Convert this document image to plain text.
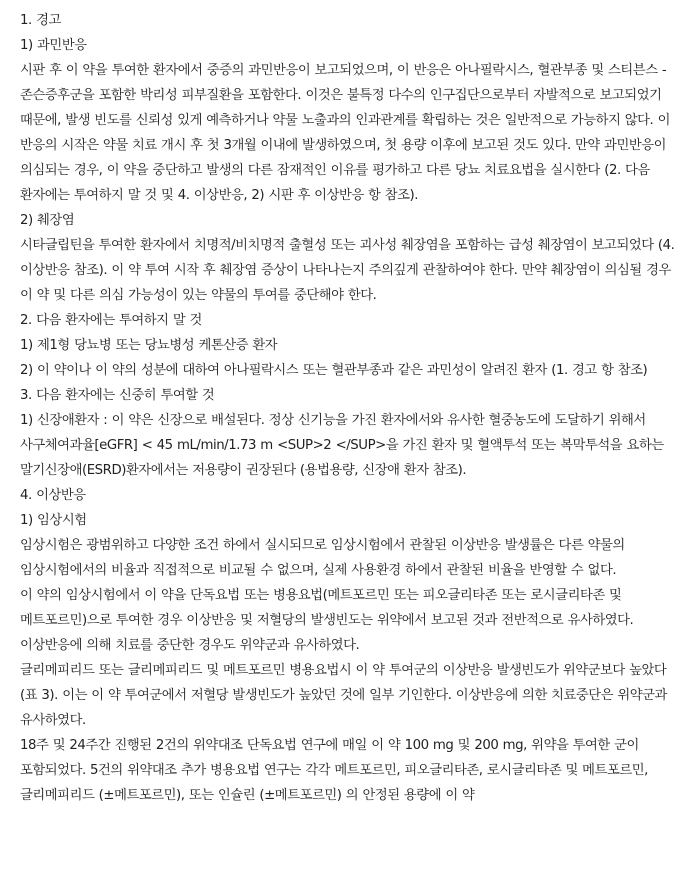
1. 경고

1) 과민반응

시판 후 이 약을 투여한 환자에서 중증의 과민반응이 보고되었으며, 이 반응은 아나필락시스, 혈관부종 및 스티븐스 -존슨증후군을 포함한 박리성 피부질환을 포함한다. 이것은 불특정 다수의 인구집단으로부터 자발적으로 보고되었기 때문에, 발생 빈도를 신뢰성 있게 예측하거나 약물 노출과의 인과관계를 확립하는 것은 일반적으로 가능하지 않다. 이 반응의 시작은 약물 치료 개시 후 첫 3개월 이내에 발생하였으며, 첫 용량 이후에 보고된 것도 있다. 만약 과민반응이 의심되는 경우, 이 약을 중단하고 발생의 다른 잠재적인 이유를 평가하고 다른 당뇨 치료요법을 실시한다 (2. 다음 환자에는 투여하지 말 것 및 4. 이상반응, 2) 시판 후 이상반응 항 참조).

2) 췌장염

시타글립틴을 투여한 환자에서 치명적/비치명적 출혈성 또는 괴사성 췌장염을 포함하는 급성 췌장염이 보고되었다 (4. 이상반응 참조). 이 약 투여 시작 후 췌장염 증상이 나타나는지 주의깊게 관찰하여야 한다. 만약 췌장염이 의심될 경우 이 약 및 다른 의심 가능성이 있는 약물의 투여를 중단해야 한다.

2. 다음 환자에는 투여하지 말 것

1) 제1형 당뇨병 또는 당뇨병성 케톤산증 환자

2) 이 약이나 이 약의 성분에 대하여 아나필락시스 또는 혈관부종과 같은 과민성이 알려진 환자 (1. 경고 항 참조)

3. 다음 환자에는 신중히 투여할 것

1) 신장애환자 : 이 약은 신장으로 배설된다. 정상 신기능을 가진 환자에서와 유사한 혈중농도에 도달하기 위해서 사구체여과율[eGFR] < 45 mL/min/1.73 m <SUP>2 </SUP>을 가진 환자 및 혈액투석 또는 복막투석을 요하는 말기신장애(ESRD)환자에서는 저용량이 권장된다 (용법용량, 신장애 환자 참조).

4. 이상반응

1) 임상시험

임상시험은 광범위하고 다양한 조건 하에서 실시되므로 임상시험에서 관찰된 이상반응 발생률은 다른 약물의 임상시험에서의 비율과 직접적으로 비교될 수 없으며, 실제 사용환경 하에서 관찰된 비율을 반영할 수 없다.

이 약의 임상시험에서 이 약을 단독요법 또는 병용요법(메트포르민 또는 피오글리타존 또는 로시글리타존 및 메트포르민)으로 투여한 경우 이상반응 및 저혈당의 발생빈도는 위약에서 보고된 것과 전반적으로 유사하였다. 이상반응에 의해 치료를 중단한 경우도 위약군과 유사하였다.

글리메피리드 또는 글리메피리드 및 메트포르민 병용요법시 이 약 투여군의 이상반응 발생빈도가 위약군보다 높았다 (표 3). 이는 이 약 투여군에서 저혈당 발생빈도가 높았던 것에 일부 기인한다. 이상반응에 의한 치료중단은 위약군과 유사하였다.

18주 및 24주간 진행된 2건의 위약대조 단독요법 연구에 매일 이 약 100 mg 및 200 mg, 위약을 투여한 군이 포함되었다. 5건의 위약대조 추가 병용요법 연구는 각각 메트포르민, 피오글리타존, 로시글리타존 및 메트포르민, 글리메피리드 (±메트포르민), 또는 인슐린 (±메트포르민) 의 안정된 용량에 이 약
